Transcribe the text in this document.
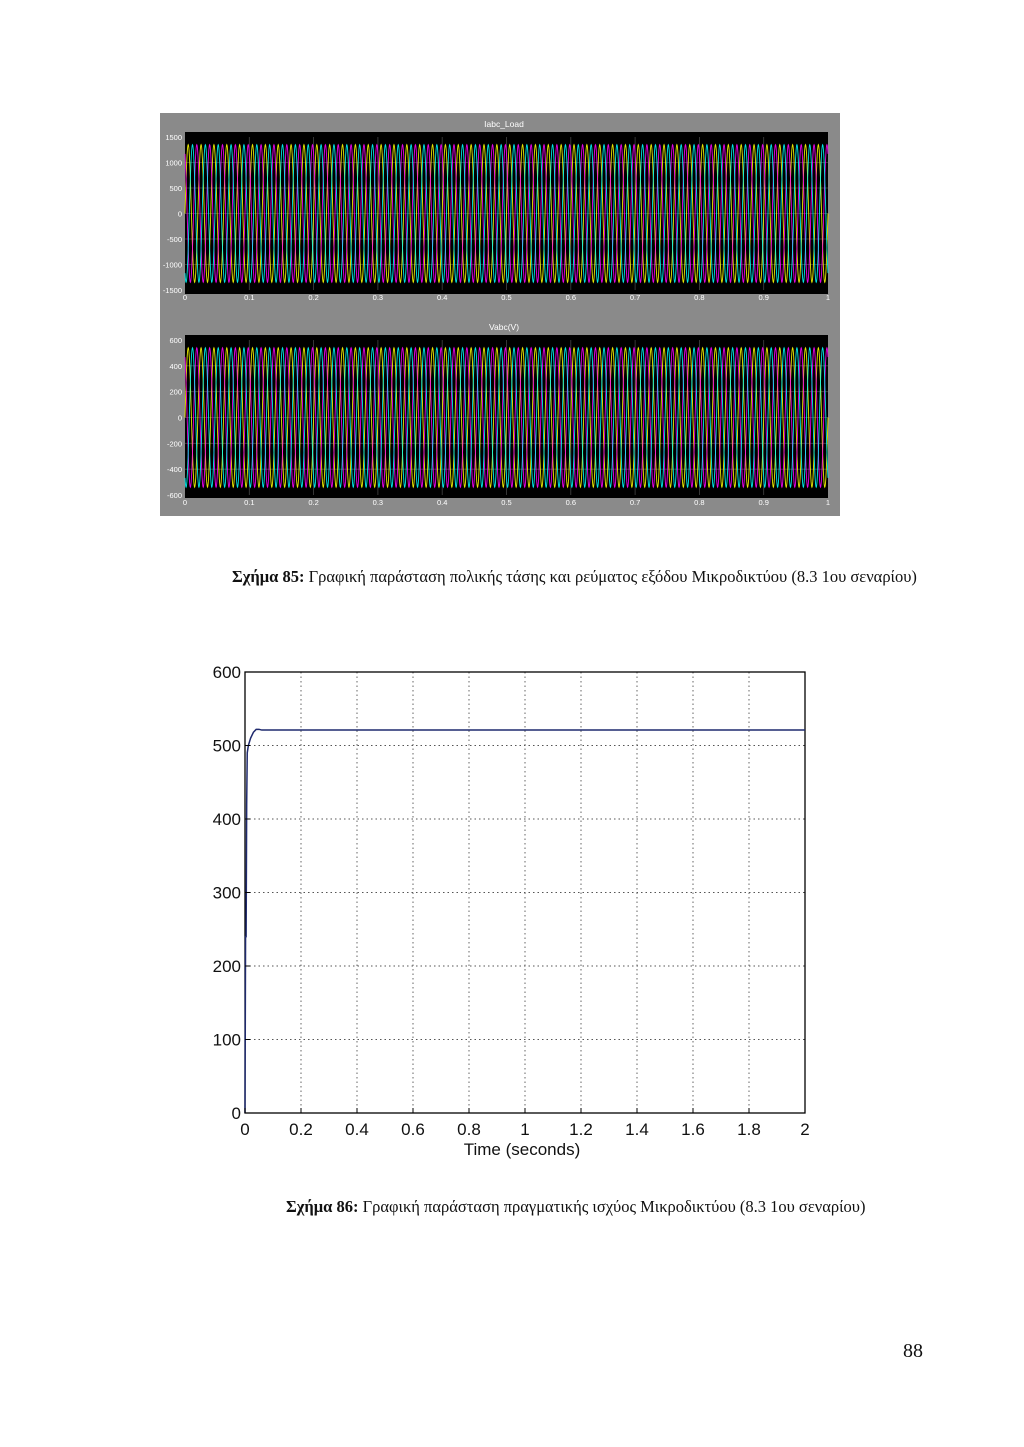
Iabc_Load
1500
1000
500
0
-500
-1000
-1500
0	0.1	0.2	0.3	0.4	0.5	0.6	0.7	0.8	0.9	1
Vabc(V)
600
400
200
0
-200
-400
-600
0	0.1	0.2	0.3	0.4	0.5	0.6	0.7	0.8	0.9	1
Σχήμα 85: Γραφική παράσταση πολικής τάσης και ρεύματος εξόδου Μικροδικτύου (8.3 1ου σεναρίου)
600
500
400
300
200
100
0
0 0.2 0.4 0.6 0.8 1 1.2 1.4 1.6 1.8 2
Time (seconds)
Σχήμα 86: Γραφική παράσταση πραγματικής ισχύος Μικροδικτύου (8.3 1ου σεναρίου)
88
